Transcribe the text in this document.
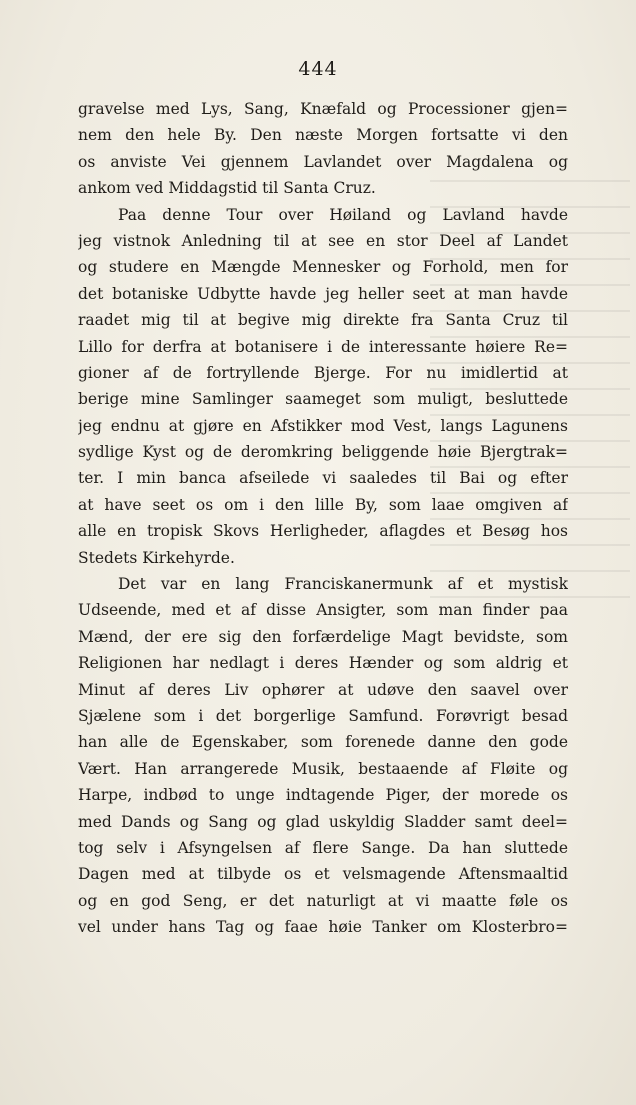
444
gravelse med Lys, Sang, Knæfald og Processioner gjen=
nem den hele By. Den næste Morgen fortsatte vi den
os anviste Vei gjennem Lavlandet over Magdalena og
ankom ved Middagstid til Santa Cruz.
Paa denne Tour over Høiland og Lavland havde
jeg vistnok Anledning til at see en stor Deel af Landet
og studere en Mængde Mennesker og Forhold, men for
det botaniske Udbytte havde jeg heller seet at man havde
raadet mig til at begive mig direkte fra Santa Cruz til
Lillo for derfra at botanisere i de interessante høiere Re=
gioner af de fortryllende Bjerge. For nu imidlertid at
berige mine Samlinger saameget som muligt, besluttede
jeg endnu at gjøre en Afstikker mod Vest, langs Lagunens
sydlige Kyst og de deromkring beliggende høie Bjergtrak=
ter. I min banca afseilede vi saaledes til Bai og efter
at have seet os om i den lille By, som laae omgiven af
alle en tropisk Skovs Herligheder, aflagdes et Besøg hos
Stedets Kirkehyrde.
Det var en lang Franciskanermunk af et mystisk
Udseende, med et af disse Ansigter, som man finder paa
Mænd, der ere sig den forfærdelige Magt bevidste, som
Religionen har nedlagt i deres Hænder og som aldrig et
Minut af deres Liv ophører at udøve den saavel over
Sjælene som i det borgerlige Samfund. Forøvrigt besad
han alle de Egenskaber, som forenede danne den gode
Vært. Han arrangerede Musik, bestaaende af Fløite og
Harpe, indbød to unge indtagende Piger, der morede os
med Dands og Sang og glad uskyldig Sladder samt deel=
tog selv i Afsyngelsen af flere Sange. Da han sluttede
Dagen med at tilbyde os et velsmagende Aftensmaaltid
og en god Seng, er det naturligt at vi maatte føle os
vel under hans Tag og faae høie Tanker om Klosterbro=
